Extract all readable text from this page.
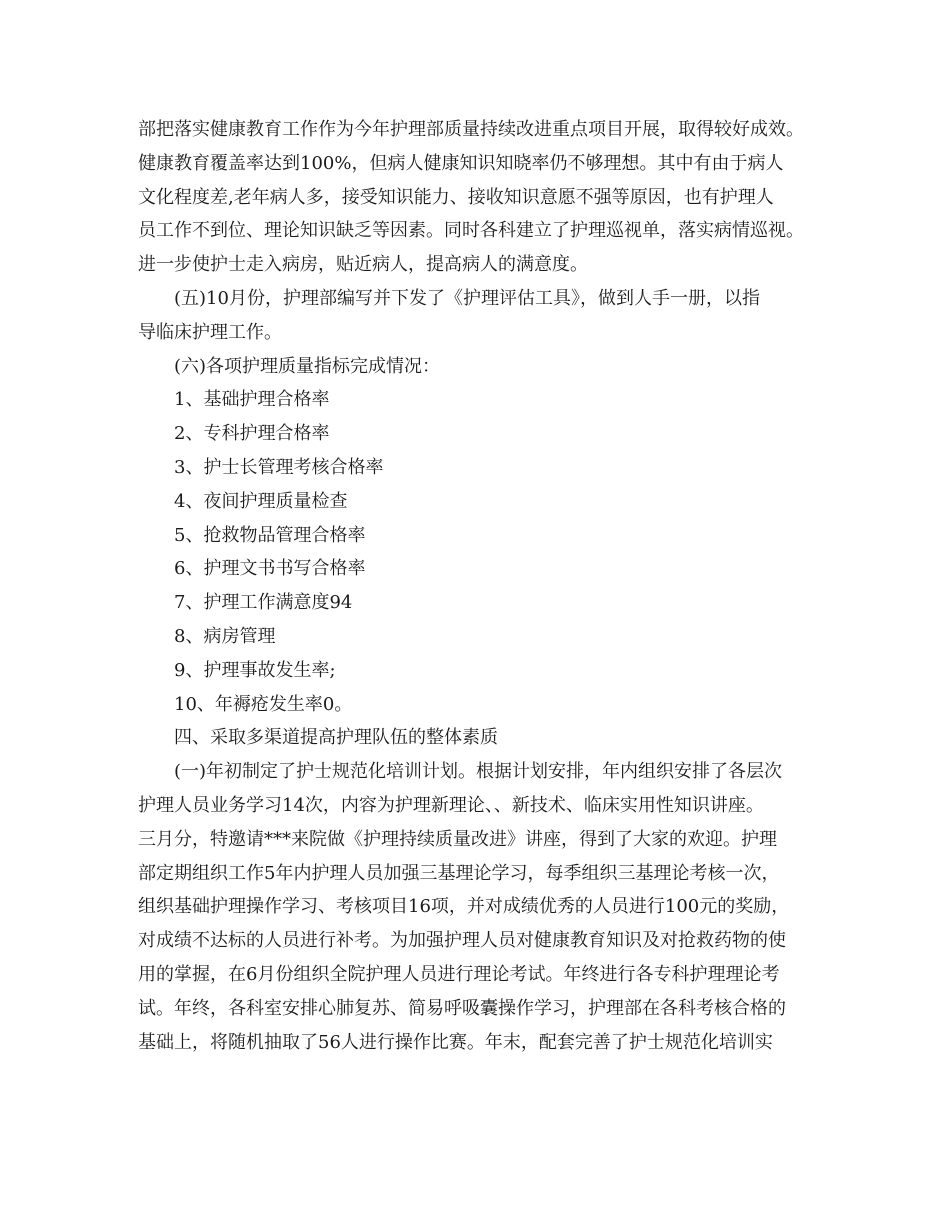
部把落实健康教育工作作为今年护理部质量持续改进重点项目开展，取得较好成效。
健康教育覆盖率达到100%，但病人健康知识知晓率仍不够理想。其中有由于病人
文化程度差,老年病人多，接受知识能力、接收知识意愿不强等原因，也有护理人
员工作不到位、理论知识缺乏等因素。同时各科建立了护理巡视单，落实病情巡视。
进一步使护士走入病房，贴近病人，提高病人的满意度。
(五)10月份，护理部编写并下发了《护理评估工具》，做到人手一册，以指
导临床护理工作。
(六)各项护理质量指标完成情况：
1、基础护理合格率
2、专科护理合格率
3、护士长管理考核合格率
4、夜间护理质量检查
5、抢救物品管理合格率
6、护理文书书写合格率
7、护理工作满意度94
8、病房管理
9、护理事故发生率;
10、年褥疮发生率0。
四、采取多渠道提高护理队伍的整体素质
(一)年初制定了护士规范化培训计划。根据计划安排，年内组织安排了各层次
护理人员业务学习14次，内容为护理新理论、、新技术、临床实用性知识讲座。
三月分，特邀请***来院做《护理持续质量改进》讲座，得到了大家的欢迎。护理
部定期组织工作5年内护理人员加强三基理论学习，每季组织三基理论考核一次，
组织基础护理操作学习、考核项目16项，并对成绩优秀的人员进行100元的奖励，
对成绩不达标的人员进行补考。为加强护理人员对健康教育知识及对抢救药物的使
用的掌握，在6月份组织全院护理人员进行理论考试。年终进行各专科护理理论考
试。年终，各科室安排心肺复苏、简易呼吸囊操作学习，护理部在各科考核合格的
基础上，将随机抽取了56人进行操作比赛。年末，配套完善了护士规范化培训实
